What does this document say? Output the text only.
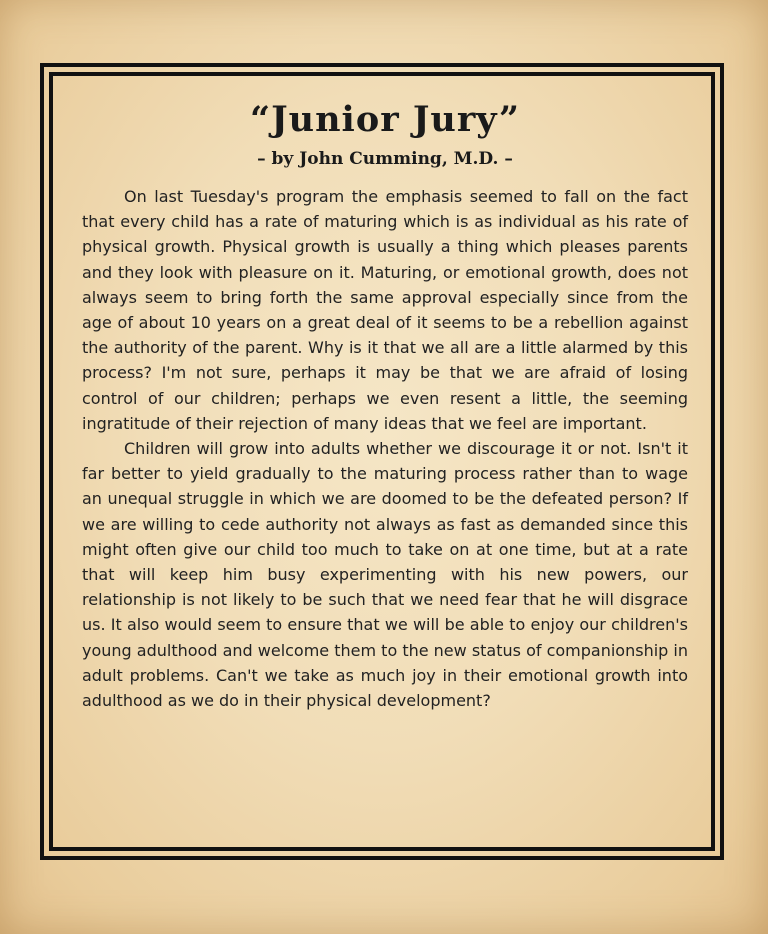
“Junior Jury”
– by John Cumming, M.D. –

On last Tuesday's program the emphasis seemed to fall on the fact that every child has a rate of maturing which is as individual as his rate of physical growth. Physical growth is usually a thing which pleases parents and they look with pleasure on it. Maturing, or emotional growth, does not always seem to bring forth the same approval especially since from the age of about 10 years on a great deal of it seems to be a rebellion against the authority of the parent. Why is it that we all are a little alarmed by this process? I'm not sure, perhaps it may be that we are afraid of losing control of our children; perhaps we even resent a little, the seeming ingratitude of their rejection of many ideas that we feel are important.

Children will grow into adults whether we discourage it or not. Isn't it far better to yield gradually to the maturing process rather than to wage an unequal struggle in which we are doomed to be the defeated person? If we are willing to cede authority not always as fast as demanded since this might often give our child too much to take on at one time, but at a rate that will keep him busy experimenting with his new powers, our relationship is not likely to be such that we need fear that he will disgrace us. It also would seem to ensure that we will be able to enjoy our children's young adulthood and welcome them to the new status of companionship in adult problems. Can't we take as much joy in their emotional growth into adulthood as we do in their physical development?
